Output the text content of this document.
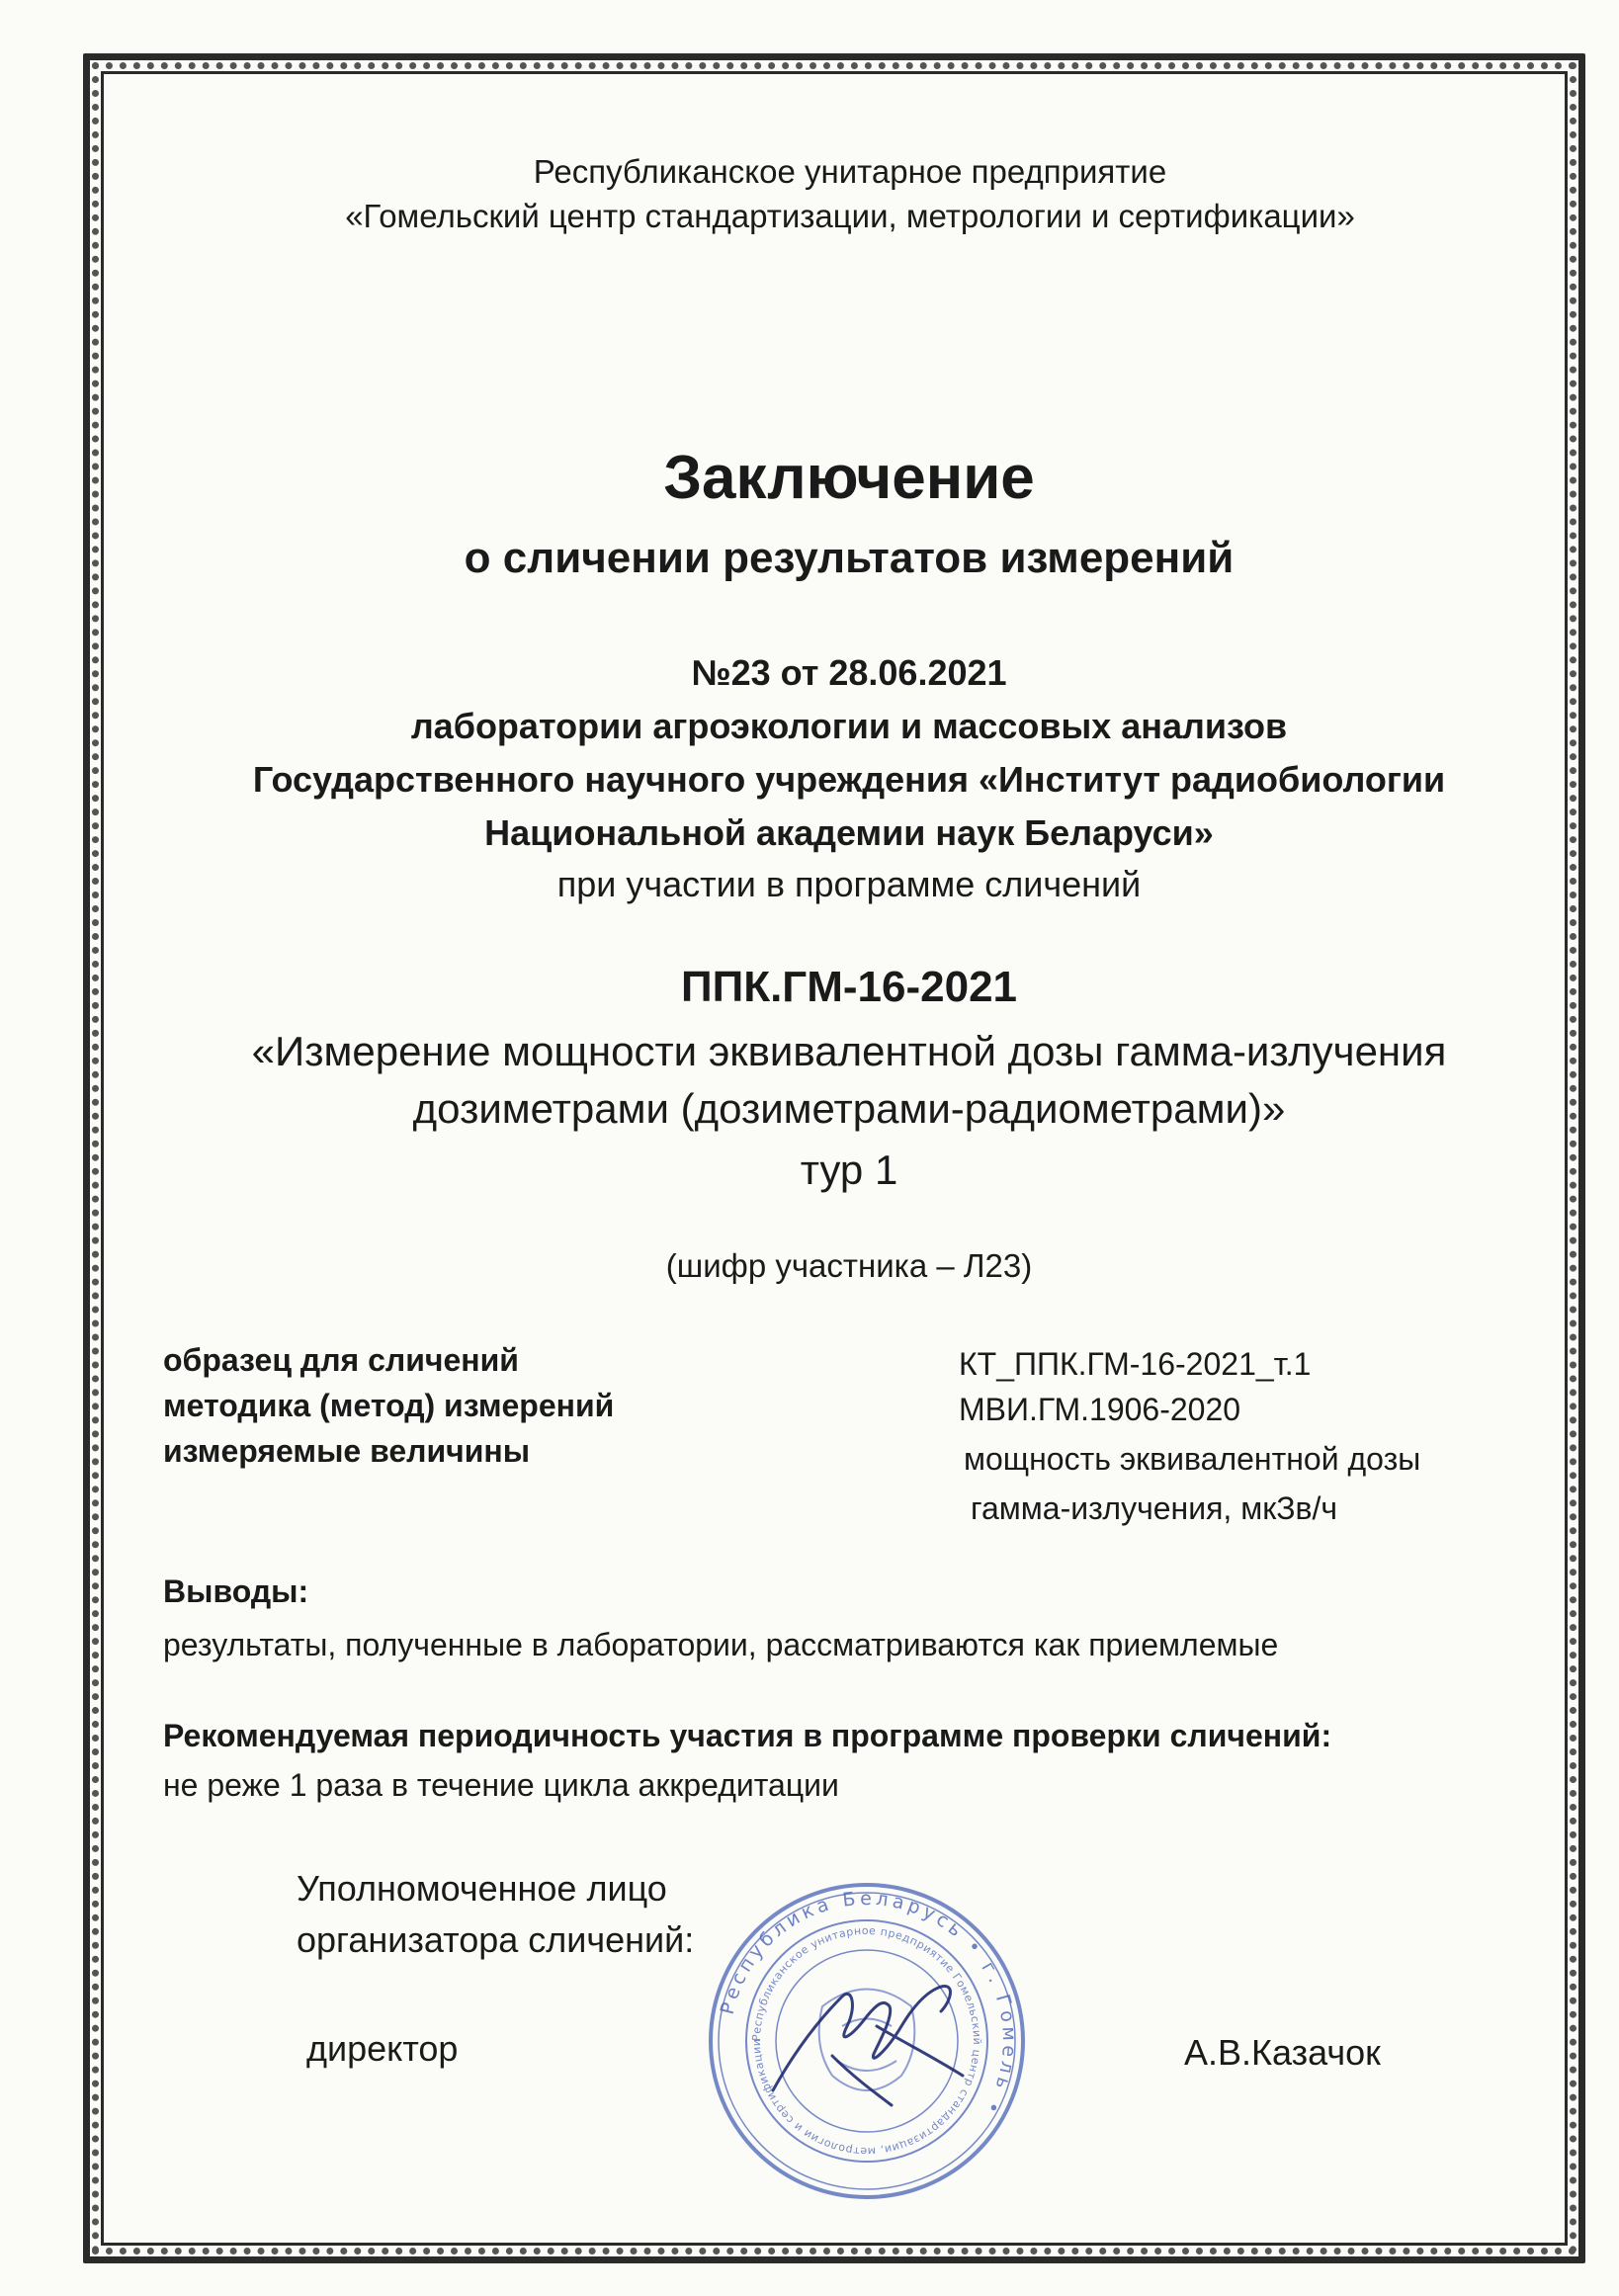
Республиканское унитарное предприятие
«Гомельский центр стандартизации, метрологии и сертификации»
Заключение
о сличении результатов измерений
№23 от 28.06.2021
лаборатории агроэкологии и массовых анализов
Государственного научного учреждения «Институт радиобиологии
Национальной академии наук Беларуси»
при участии в программе сличений
ППК.ГМ-16-2021
«Измерение мощности эквивалентной дозы гамма-излучения
дозиметрами (дозиметрами-радиометрами)»
тур 1
(шифр участника – Л23)
образец для сличений
методика (метод) измерений
измеряемые величины
КТ_ППК.ГМ-16-2021_т.1
МВИ.ГМ.1906-2020
мощность эквивалентной дозы
гамма-излучения, мкЗв/ч
Выводы:
результаты, полученные в лаборатории, рассматриваются как приемлемые
Рекомендуемая периодичность участия в программе проверки сличений:
не реже 1 раза в течение цикла аккредитации
Уполномоченное лицо
организатора сличений:
директор	А.В.Казачок
Республика Беларусь • г. Гомель •
Республиканское унитарное предприятие Гомельский центр стандартизации, метрологии и сертификации
